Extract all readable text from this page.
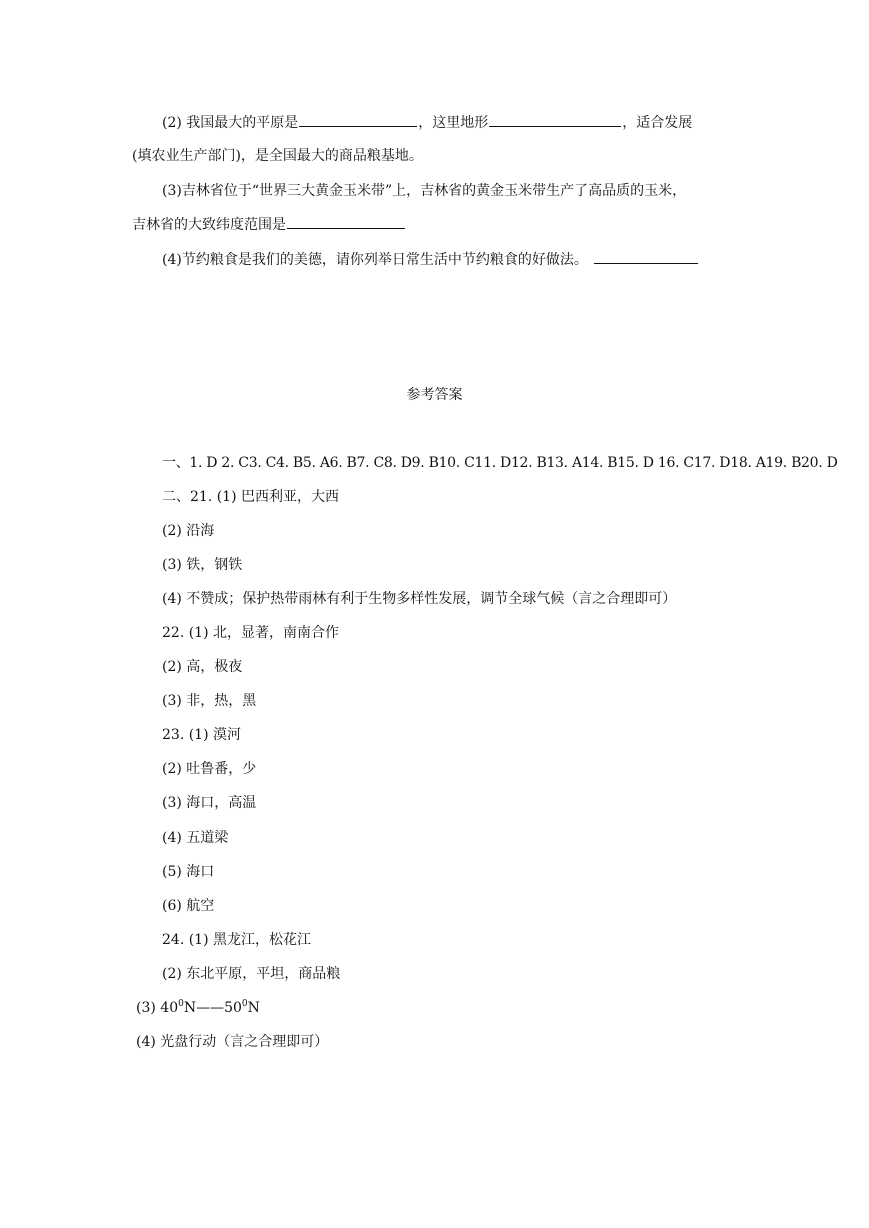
(2) 我国最大的平原是	，这里地形	，适合发展
(填农业生产部门)，是全国最大的商品粮基地。
(3)吉林省位于“世界三大黄金玉米带”上，吉林省的黄金玉米带生产了高品质的玉米，
吉林省的大致纬度范围是
(4)节约粮食是我们的美德，请你列举日常生活中节约粮食的好做法。
参考答案
一、1. D 2. C3. C4. B5. A6. B7. C8. D9. B10. C11. D12. B13. A14. B15. D 16. C17. D18. A19. B20. D
二、21. (1) 巴西利亚，大西
(2) 沿海
(3) 铁，钢铁
(4) 不赞成；保护热带雨林有利于生物多样性发展，调节全球气候（言之合理即可）
22. (1) 北，显著，南南合作
(2) 高，极夜
(3) 非，热，黑
23. (1) 漠河
(2) 吐鲁番，少
(3) 海口，高温
(4) 五道梁
(5) 海口
(6) 航空
24. (1) 黑龙江，松花江
(2) 东北平原，平坦，商品粮
(3) $40^0N——50^0N$
(4) 光盘行动（言之合理即可）
